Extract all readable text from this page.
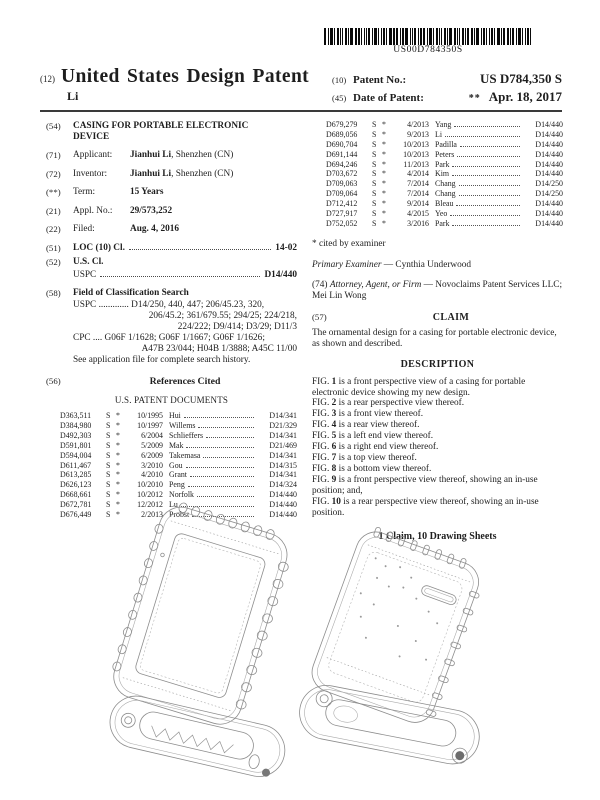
US00D784350S
(12) United States Design Patent
Li
(10) Patent No.:	US D784,350 S
(45) Date of Patent:	** Apr. 18, 2017
(54)	CASING FOR PORTABLE ELECTRONIC DEVICE
(71)	Applicant:	Jianhui Li, Shenzhen (CN)
(72)	Inventor:	Jianhui Li, Shenzhen (CN)
(**)	Term:	15 Years
(21)	Appl. No.:	29/573,252
(22)	Filed:	Aug. 4, 2016
(51)	LOC (10) Cl.	14-02
(52)	U.S. Cl.
USPC	D14/440
(58)	Field of Classification Search
USPC ............. D14/250, 440, 447; 206/45.23, 320,
206/45.2; 361/679.55; 294/25; 224/218,
224/222; D9/414; D3/29; D11/3
CPC .... G06F 1/1628; G06F 1/1667; G06F 1/1626;
A47B 23/044; H04B 1/3888; A45C 11/00
See application file for complete search history.
(56)	References Cited
U.S. PATENT DOCUMENTS
D363,511	S *	10/1995 Hui	D14/341
D384,980	S *	10/1997 Willems	D21/329
D492,303	S *	6/2004 Schlieffers	D14/341
D591,801	S *	5/2009 Mak	D21/469
D594,004	S *	6/2009 Takemasa	D14/341
D611,467	S *	3/2010 Gou	D14/315
D613,285	S *	4/2010 Grant	D14/341
D626,123	S *	10/2010 Peng	D14/324
D668,661	S *	10/2012 Norfolk	D14/440
D672,781	S *	12/2012 Lu	D14/440
D676,449	S *	2/2013 Probst	D14/440
D679,279	S *	4/2013 Yang	D14/440
D689,056	S *	9/2013 Li	D14/440
D690,704	S *	10/2013 Padilla	D14/440
D691,144	S *	10/2013 Peters	D14/440
D694,246	S *	11/2013 Park	D14/440
D703,672	S *	4/2014 Kim	D14/440
D709,063	S *	7/2014 Chang	D14/250
D709,064	S *	7/2014 Chang	D14/250
D712,412	S *	9/2014 Bleau	D14/440
D727,917	S *	4/2015 Yeo	D14/440
D752,052	S *	3/2016 Park	D14/440
* cited by examiner
Primary Examiner — Cynthia Underwood
(74) Attorney, Agent, or Firm — Novoclaims Patent Services LLC; Mei Lin Wong
(57)	CLAIM
The ornamental design for a casing for portable electronic device, as shown and described.
DESCRIPTION
FIG. 1 is a front perspective view of a casing for portable electronic device showing my new design.
FIG. 2 is a rear perspective view thereof.
FIG. 3 is a front view thereof.
FIG. 4 is a rear view thereof.
FIG. 5 is a left end view thereof.
FIG. 6 is a right end view thereof.
FIG. 7 is a top view thereof.
FIG. 8 is a bottom view thereof.
FIG. 9 is a front perspective view thereof, showing an in-use position; and,
FIG. 10 is a rear perspective view thereof, showing an in-use position.
1 Claim, 10 Drawing Sheets
